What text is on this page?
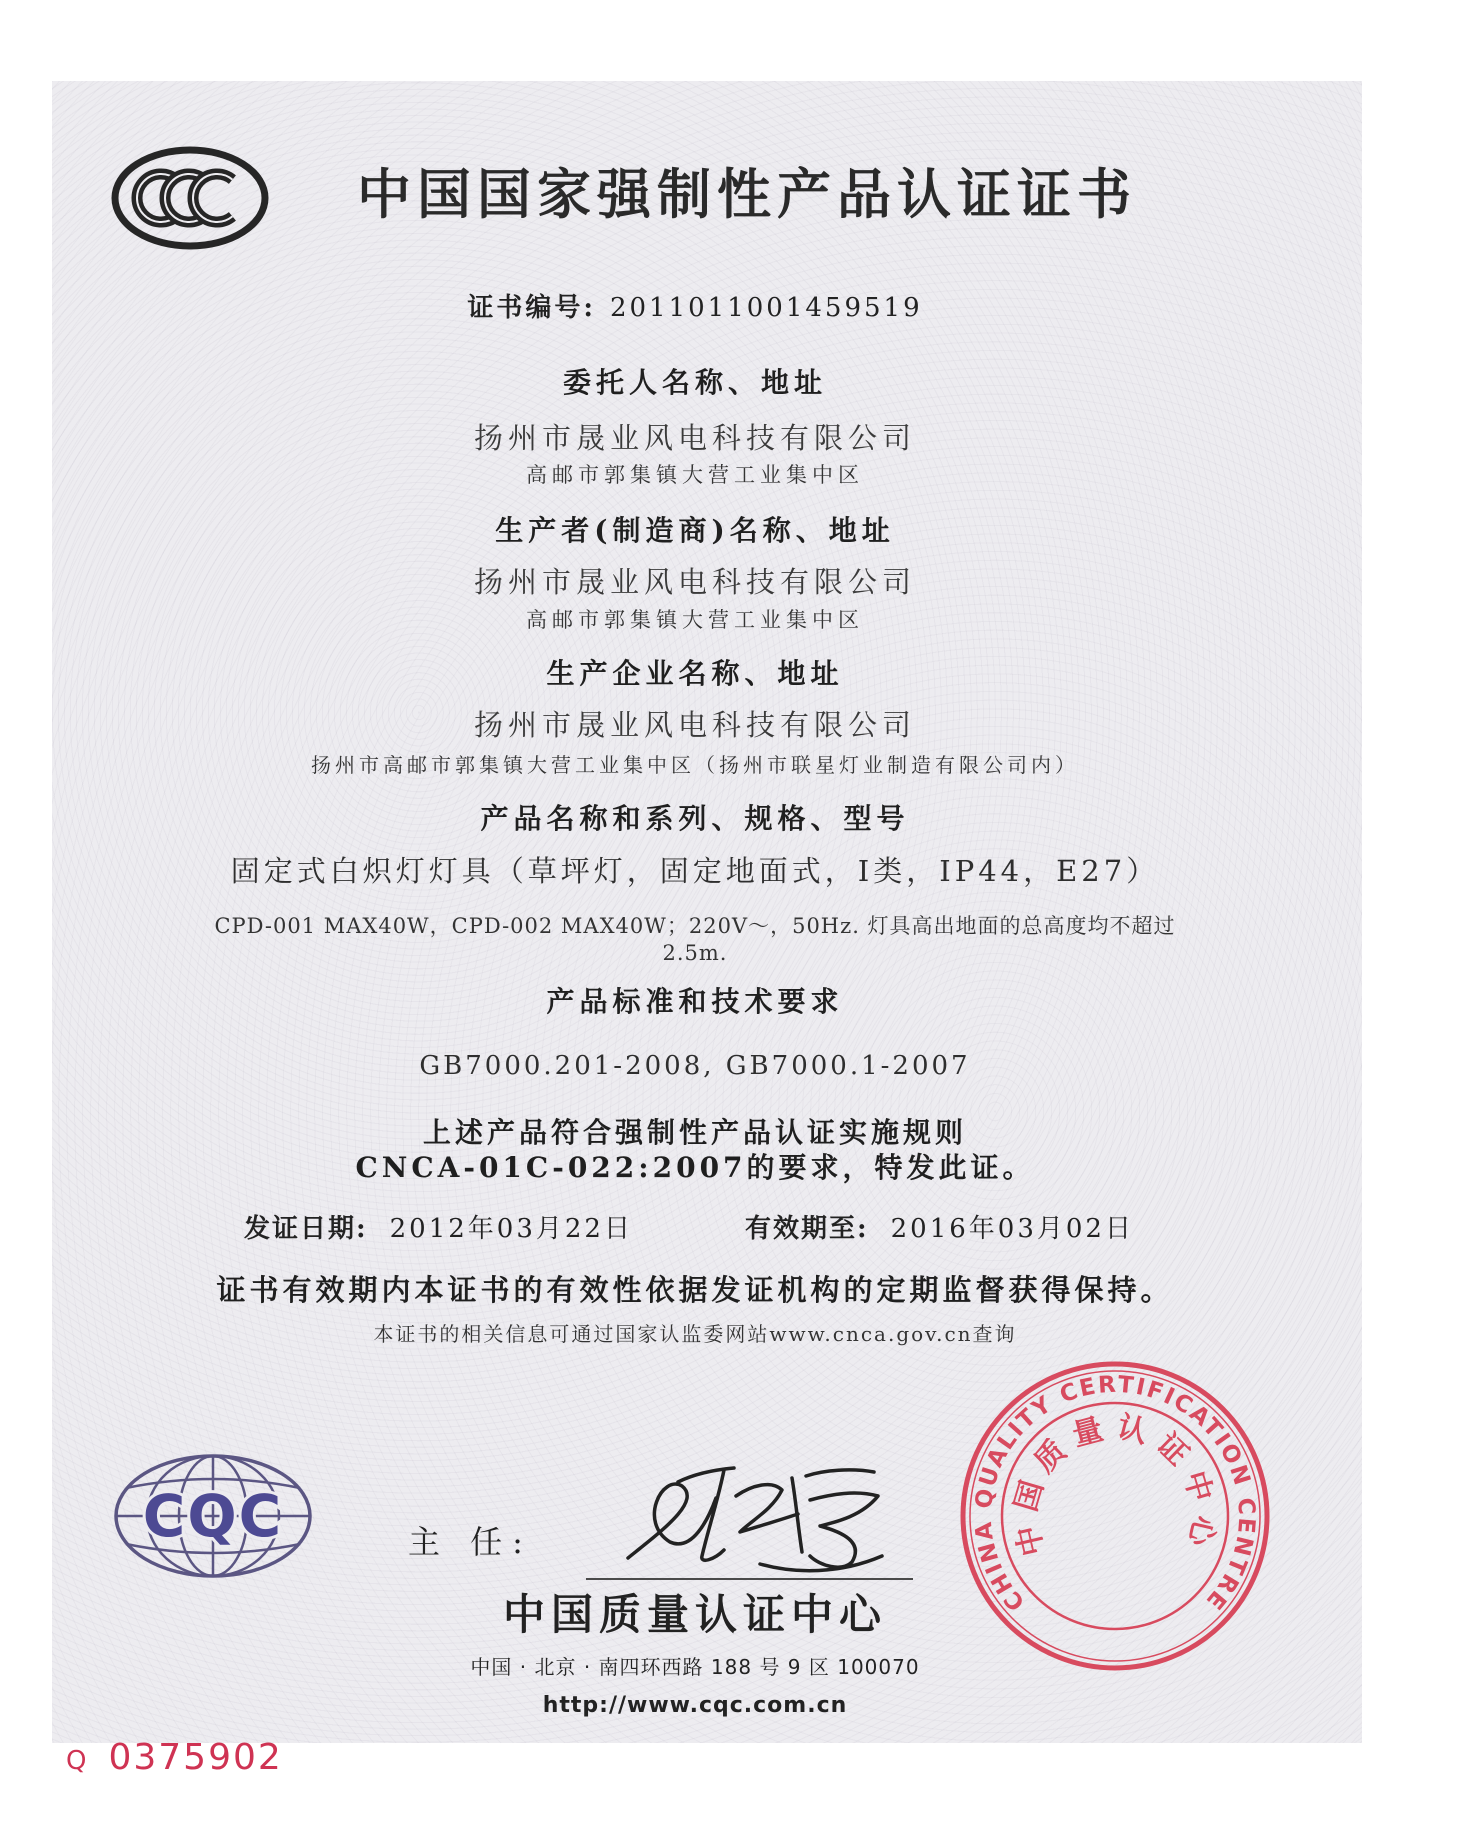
中国国家强制性产品认证证书
证书编号: 2011011001459519
委托人名称、地址
扬州市晟业风电科技有限公司
高邮市郭集镇大营工业集中区
生产者(制造商)名称、地址
扬州市晟业风电科技有限公司
高邮市郭集镇大营工业集中区
生产企业名称、地址
扬州市晟业风电科技有限公司
扬州市高邮市郭集镇大营工业集中区（扬州市联星灯业制造有限公司内）
产品名称和系列、规格、型号
固定式白炽灯灯具（草坪灯，固定地面式，Ⅰ类，IP44，E27）
CPD-001 MAX40W，CPD-002 MAX40W；220V～，50Hz. 灯具高出地面的总高度均不超过
2.5m.
产品标准和技术要求
GB7000.201-2008, GB7000.1-2007
上述产品符合强制性产品认证实施规则
CNCA-01C-022:2007的要求，特发此证。
发证日期: 2012年03月22日	有效期至: 2016年03月02日
证书有效期内本证书的有效性依据发证机构的定期监督获得保持。
本证书的相关信息可通过国家认监委网站www.cnca.gov.cn查询
CQC	主 任:
中国质量认证中心
中国 · 北京 · 南四环西路 188 号 9 区 100070
http://www.cqc.com.cn
CHINA QUALITY CERTIFICATION CENTRE
中国质量认证中心
Q 0375902
